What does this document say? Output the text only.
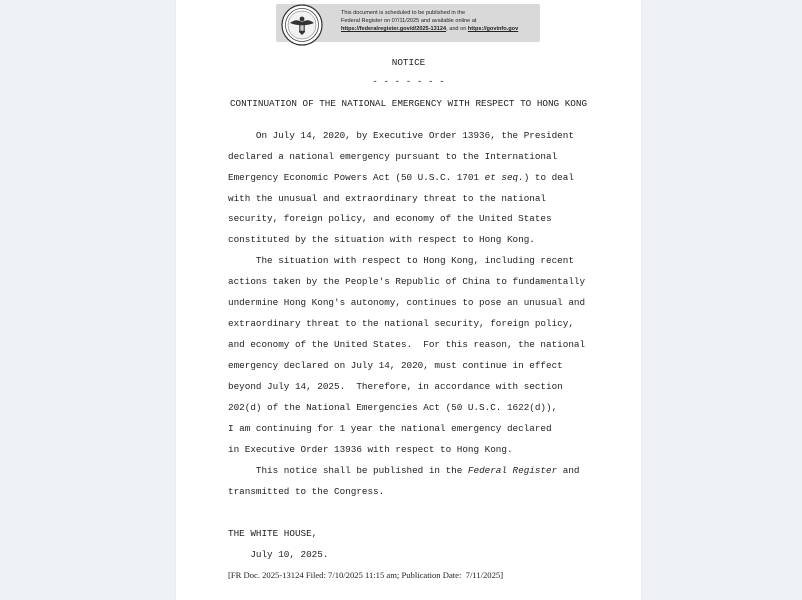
This document is scheduled to be published in the
Federal Register on 07/11/2025 and available online at
https://federalregister.gov/d/2025-13124, and on https://govinfo.gov
NOTICE
- - - - - - -
CONTINUATION OF THE NATIONAL EMERGENCY WITH RESPECT TO HONG KONG
On July 14, 2020, by Executive Order 13936, the President
declared a national emergency pursuant to the International
Emergency Economic Powers Act (50 U.S.C. 1701 et seq.) to deal
with the unusual and extraordinary threat to the national
security, foreign policy, and economy of the United States
constituted by the situation with respect to Hong Kong.
The situation with respect to Hong Kong, including recent
actions taken by the People's Republic of China to fundamentally
undermine Hong Kong's autonomy, continues to pose an unusual and
extraordinary threat to the national security, foreign policy,
and economy of the United States.  For this reason, the national
emergency declared on July 14, 2020, must continue in effect
beyond July 14, 2025.  Therefore, in accordance with section
202(d) of the National Emergencies Act (50 U.S.C. 1622(d)),
I am continuing for 1 year the national emergency declared
in Executive Order 13936 with respect to Hong Kong.
This notice shall be published in the Federal Register and
transmitted to the Congress.
THE WHITE HOUSE,
July 10, 2025.
[FR Doc. 2025-13124 Filed: 7/10/2025 11:15 am; Publication Date:  7/11/2025]
